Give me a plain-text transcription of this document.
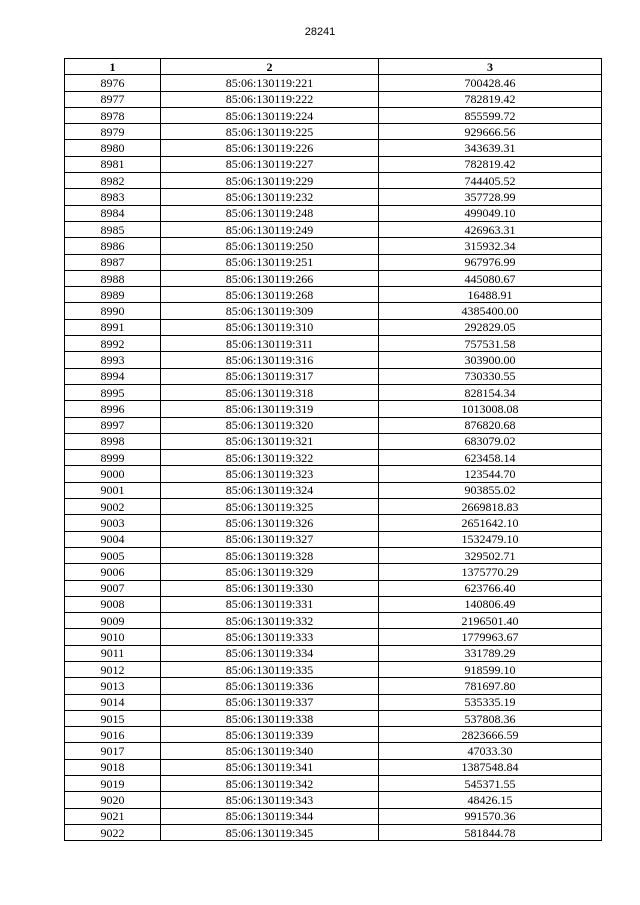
28241
1	2	3
8976	85:06:130119:221	700428.46
8977	85:06:130119:222	782819.42
8978	85:06:130119:224	855599.72
8979	85:06:130119:225	929666.56
8980	85:06:130119:226	343639.31
8981	85:06:130119:227	782819.42
8982	85:06:130119:229	744405.52
8983	85:06:130119:232	357728.99
8984	85:06:130119:248	499049.10
8985	85:06:130119:249	426963.31
8986	85:06:130119:250	315932.34
8987	85:06:130119:251	967976.99
8988	85:06:130119:266	445080.67
8989	85:06:130119:268	16488.91
8990	85:06:130119:309	4385400.00
8991	85:06:130119:310	292829.05
8992	85:06:130119:311	757531.58
8993	85:06:130119:316	303900.00
8994	85:06:130119:317	730330.55
8995	85:06:130119:318	828154.34
8996	85:06:130119:319	1013008.08
8997	85:06:130119:320	876820.68
8998	85:06:130119:321	683079.02
8999	85:06:130119:322	623458.14
9000	85:06:130119:323	123544.70
9001	85:06:130119:324	903855.02
9002	85:06:130119:325	2669818.83
9003	85:06:130119:326	2651642.10
9004	85:06:130119:327	1532479.10
9005	85:06:130119:328	329502.71
9006	85:06:130119:329	1375770.29
9007	85:06:130119:330	623766.40
9008	85:06:130119:331	140806.49
9009	85:06:130119:332	2196501.40
9010	85:06:130119:333	1779963.67
9011	85:06:130119:334	331789.29
9012	85:06:130119:335	918599.10
9013	85:06:130119:336	781697.80
9014	85:06:130119:337	535335.19
9015	85:06:130119:338	537808.36
9016	85:06:130119:339	2823666.59
9017	85:06:130119:340	47033.30
9018	85:06:130119:341	1387548.84
9019	85:06:130119:342	545371.55
9020	85:06:130119:343	48426.15
9021	85:06:130119:344	991570.36
9022	85:06:130119:345	581844.78
